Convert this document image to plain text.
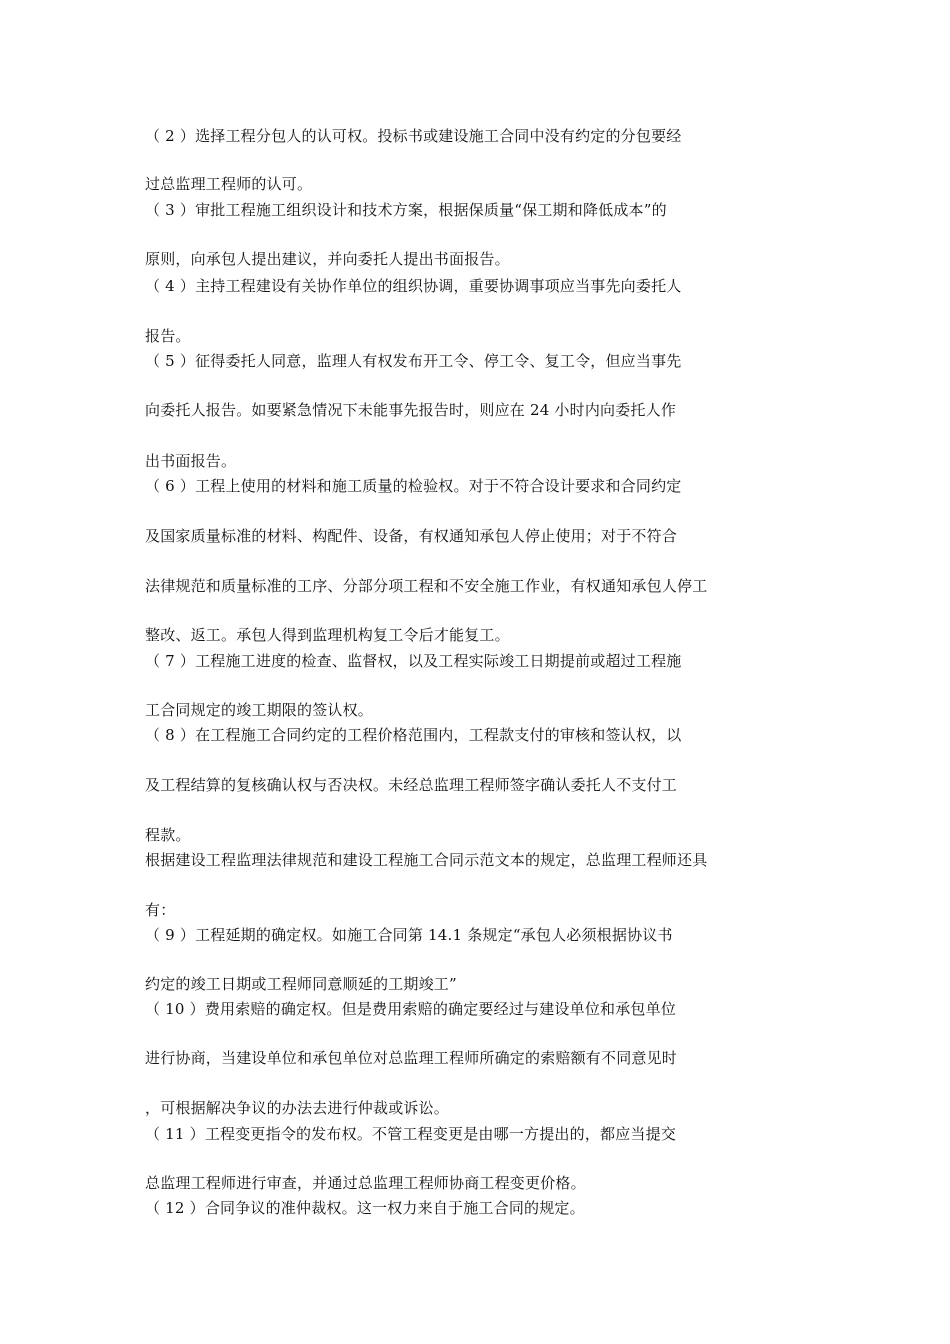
（ 2 ）选择工程分包人的认可权。投标书或建设施工合同中没有约定的分包要经
过总监理工程师的认可。
（ 3 ）审批工程施工组织设计和技术方案，根据保质量“保工期和降低成本”的
原则，向承包人提出建议，并向委托人提出书面报告。
（ 4 ）主持工程建设有关协作单位的组织协调，重要协调事项应当事先向委托人
报告。
（ 5 ）征得委托人同意，监理人有权发布开工令、停工令、复工令，但应当事先
向委托人报告。如要紧急情况下未能事先报告时，则应在 24 小时内向委托人作
出书面报告。
（ 6 ）工程上使用的材料和施工质量的检验权。对于不符合设计要求和合同约定
及国家质量标准的材料、构配件、设备，有权通知承包人停止使用；对于不符合
法律规范和质量标准的工序、分部分项工程和不安全施工作业，有权通知承包人停工
整改、返工。承包人得到监理机构复工令后才能复工。
（ 7 ）工程施工进度的检查、监督权，以及工程实际竣工日期提前或超过工程施
工合同规定的竣工期限的签认权。
（ 8 ）在工程施工合同约定的工程价格范围内，工程款支付的审核和签认权，以
及工程结算的复核确认权与否决权。未经总监理工程师签字确认委托人不支付工
程款。
根据建设工程监理法律规范和建设工程施工合同示范文本的规定，总监理工程师还具
有：
（ 9 ）工程延期的确定权。如施工合同第 14.1 条规定“承包人必须根据协议书
约定的竣工日期或工程师同意顺延的工期竣工”
（ 10 ）费用索赔的确定权。但是费用索赔的确定要经过与建设单位和承包单位
进行协商，当建设单位和承包单位对总监理工程师所确定的索赔额有不同意见时
，可根据解决争议的办法去进行仲裁或诉讼。
（ 11 ）工程变更指令的发布权。不管工程变更是由哪一方提出的，都应当提交
总监理工程师进行审查，并通过总监理工程师协商工程变更价格。
（ 12 ）合同争议的准仲裁权。这一权力来自于施工合同的规定。
